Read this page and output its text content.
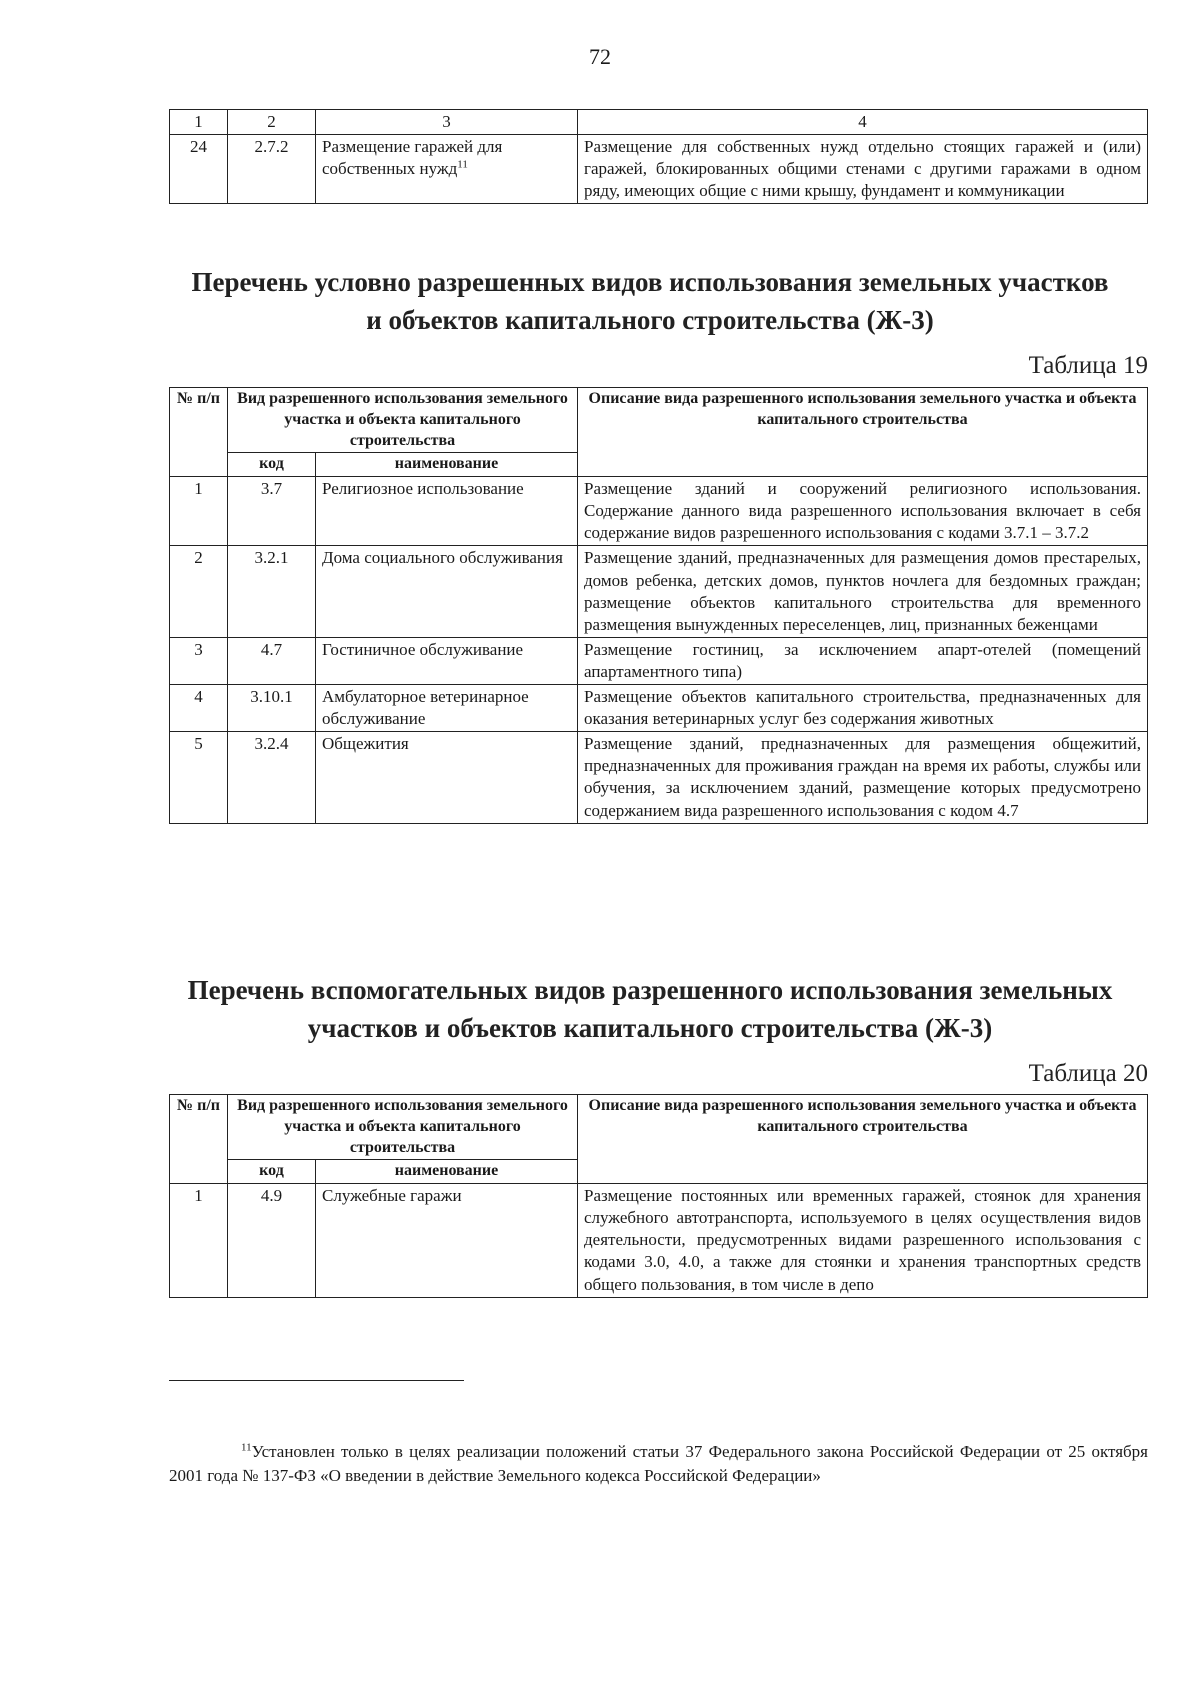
72
1	2	3	4
24	2.7.2	Размещение гаражей для собственных нужд$^{11}$	Размещение для собственных нужд отдельно стоящих гаражей и (или) гаражей, блокированных общими стенами с другими гаражами в одном ряду, имеющих общие с ними крышу, фундамент и коммуникации
Перечень условно разрешенных видов использования земельных участков
и объектов капитального строительства (Ж-3)
Таблица 19
№ п/п	Вид разрешенного использования земельного участка и объекта капитального строительства		Описание вида разрешенного использования земельного участка и объекта капитального строительства
	код	наименование	
1	3.7	Религиозное использование	Размещение зданий и сооружений религиозного использования. Содержание данного вида разрешенного использования включает в себя содержание видов разрешенного использования с кодами 3.7.1 – 3.7.2
2	3.2.1	Дома социального обслуживания	Размещение зданий, предназначенных для размещения домов престарелых, домов ребенка, детских домов, пунктов ночлега для бездомных граждан; размещение объектов капитального строительства для временного размещения вынужденных переселенцев, лиц, признанных беженцами
3	4.7	Гостиничное обслуживание	Размещение гостиниц, за исключением апарт-отелей (помещений апартаментного типа)
4	3.10.1	Амбулаторное ветеринарное обслуживание	Размещение объектов капитального строительства, предназначенных для оказания ветеринарных услуг без содержания животных
5	3.2.4	Общежития	Размещение зданий, предназначенных для размещения общежитий, предназначенных для проживания граждан на время их работы, службы или обучения, за исключением зданий, размещение которых предусмотрено содержанием вида разрешенного использования с кодом 4.7
Перечень вспомогательных видов разрешенного использования земельных
участков и объектов капитального строительства (Ж-3)
Таблица 20
№ п/п	Вид разрешенного использования земельного участка и объекта капитального строительства		Описание вида разрешенного использования земельного участка и объекта капитального строительства
	код	наименование	
1	4.9	Служебные гаражи	Размещение постоянных или временных гаражей, стоянок для хранения служебного автотранспорта, используемого в целях осуществления видов деятельности, предусмотренных видами разрешенного использования с кодами 3.0, 4.0, а также для стоянки и хранения транспортных средств общего пользования, в том числе в депо
$^{11}$Установлен только в целях реализации положений статьи 37 Федерального закона Российской Федерации от 25 октября 2001 года № 137-ФЗ «О введении в действие Земельного кодекса Российской Федерации»
